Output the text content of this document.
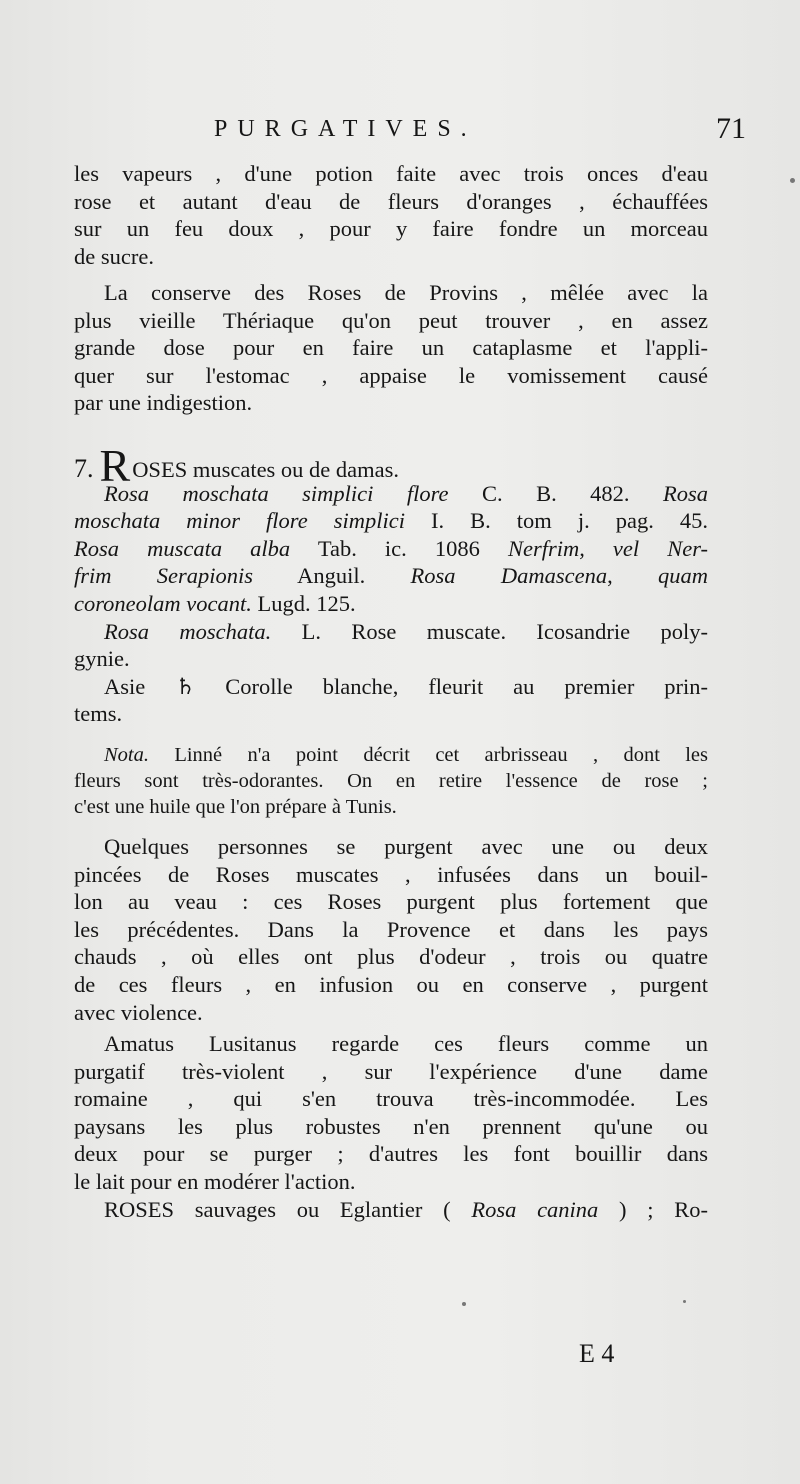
PURGATIVES.	71
les vapeurs , d'une potion faite avec trois onces d'eau
rose et autant d'eau de fleurs d'oranges , échauffées
sur un feu doux , pour y faire fondre un morceau
de sucre.
La conserve des Roses de Provins , mêlée avec la
plus vieille Thériaque qu'on peut trouver , en assez
grande dose pour en faire un cataplasme et l'appli-
quer sur l'estomac , appaise le vomissement causé
par une indigestion.
7. ROSES muscates ou de damas.
Rosa moschata simplici flore C. B. 482. Rosa
moschata minor flore simplici I. B. tom j. pag. 45.
Rosa muscata alba Tab. ic. 1086 Nerfrim, vel Ner-
frim Serapionis Anguil. Rosa Damascena, quam
coroneolam vocant. Lugd. 125.
Rosa moschata. L. Rose muscate. Icosandrie poly-
gynie.
Asie ♄ Corolle blanche, fleurit au premier prin-
tems.
Nota. Linné n'a point décrit cet arbrisseau , dont les
fleurs sont très-odorantes. On en retire l'essence de rose ;
c'est une huile que l'on prépare à Tunis.
Quelques personnes se purgent avec une ou deux
pincées de Roses muscates , infusées dans un bouil-
lon au veau : ces Roses purgent plus fortement que
les précédentes. Dans la Provence et dans les pays
chauds , où elles ont plus d'odeur , trois ou quatre
de ces fleurs , en infusion ou en conserve , purgent
avec violence.
Amatus Lusitanus regarde ces fleurs comme un
purgatif très-violent , sur l'expérience d'une dame
romaine , qui s'en trouva très-incommodée. Les
paysans les plus robustes n'en prennent qu'une ou
deux pour se purger ; d'autres les font bouillir dans
le lait pour en modérer l'action.
ROSES sauvages ou Eglantier ( Rosa canina ) ; Ro-
E 4
